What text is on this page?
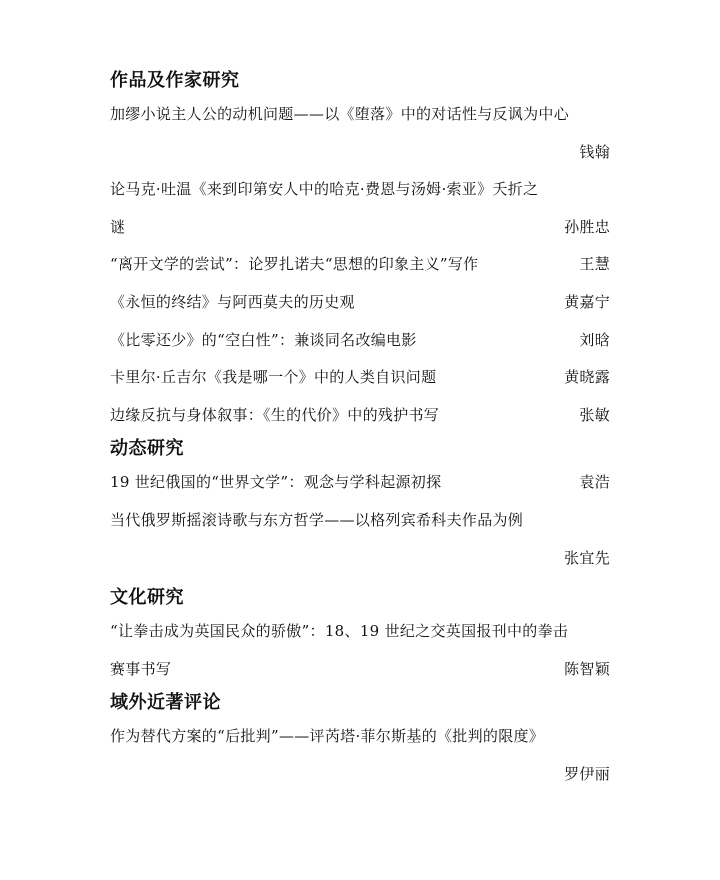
作品及作家研究
加缪小说主人公的动机问题——以《堕落》中的对话性与反讽为中心
钱翰
论马克·吐温《来到印第安人中的哈克·费恩与汤姆·索亚》夭折之
谜	孙胜忠
“离开文学的尝试”：论罗扎诺夫“思想的印象主义”写作	王慧
《永恒的终结》与阿西莫夫的历史观	黄嘉宁
《比零还少》的“空白性”：兼谈同名改编电影	刘晗
卡里尔·丘吉尔《我是哪一个》中的人类自识问题	黄晓露
边缘反抗与身体叙事：《生的代价》中的残护书写	张敏
动态研究
19 世纪俄国的“世界文学”：观念与学科起源初探	袁浩
当代俄罗斯摇滚诗歌与东方哲学——以格列宾希科夫作品为例
张宜先
文化研究
“让拳击成为英国民众的骄傲”：18、19 世纪之交英国报刊中的拳击
赛事书写	陈智颖
域外近著评论
作为替代方案的“后批判”——评芮塔·菲尔斯基的《批判的限度》
罗伊丽
